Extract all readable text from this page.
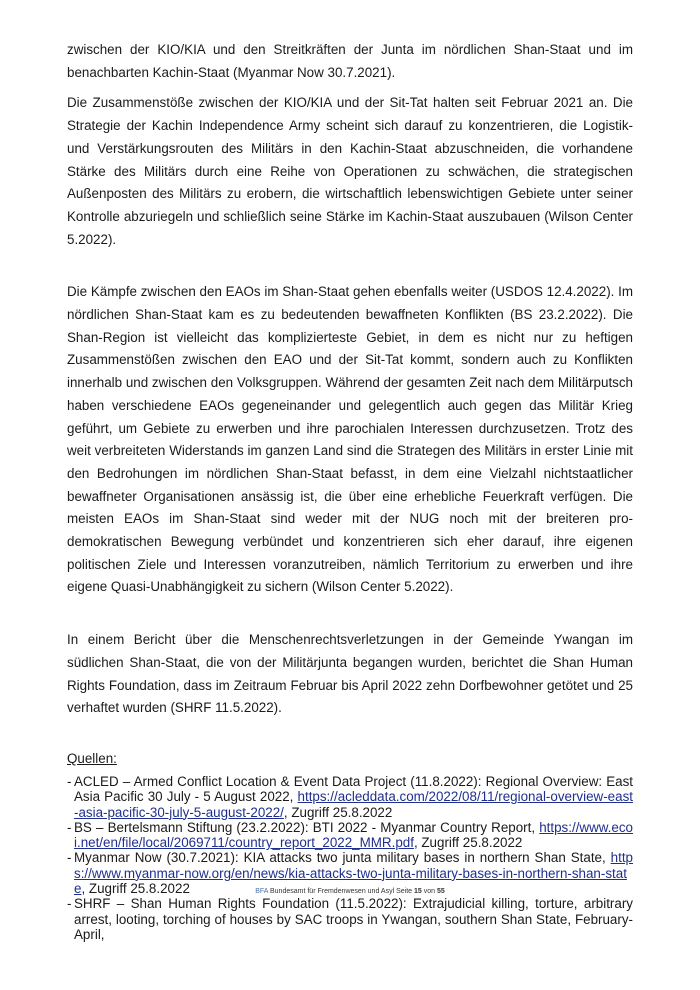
zwischen der KIO/KIA und den Streitkräften der Junta im nördlichen Shan-Staat und im benachbarten Kachin-Staat (Myanmar Now 30.7.2021).

Die Zusammenstöße zwischen der KIO/KIA und der Sit-Tat halten seit Februar 2021 an. Die Strategie der Kachin Independence Army scheint sich darauf zu konzentrieren, die Logistik- und Verstärkungsrouten des Militärs in den Kachin-Staat abzuschneiden, die vorhandene Stärke des Militärs durch eine Reihe von Operationen zu schwächen, die strategischen Außenposten des Militärs zu erobern, die wirtschaftlich lebenswichtigen Gebiete unter seiner Kontrolle abzuriegeln und schließlich seine Stärke im Kachin-Staat auszubauen (Wilson Center 5.2022).

Die Kämpfe zwischen den EAOs im Shan-Staat gehen ebenfalls weiter (USDOS 12.4.2022). Im nördlichen Shan-Staat kam es zu bedeutenden bewaffneten Konflikten (BS 23.2.2022). Die Shan-Region ist vielleicht das komplizierteste Gebiet, in dem es nicht nur zu heftigen Zusammenstößen zwischen den EAO und der Sit-Tat kommt, sondern auch zu Konflikten innerhalb und zwischen den Volksgruppen. Während der gesamten Zeit nach dem Militärputsch haben verschiedene EAOs gegeneinander und gelegentlich auch gegen das Militär Krieg geführt, um Gebiete zu erwerben und ihre parochialen Interessen durchzusetzen. Trotz des weit verbreiteten Widerstands im ganzen Land sind die Strategen des Militärs in erster Linie mit den Bedrohungen im nördlichen Shan-Staat befasst, in dem eine Vielzahl nichtstaatlicher bewaffneter Organisationen ansässig ist, die über eine erhebliche Feuerkraft verfügen. Die meisten EAOs im Shan-Staat sind weder mit der NUG noch mit der breiteren pro-demokratischen Bewegung verbündet und konzentrieren sich eher darauf, ihre eigenen politischen Ziele und Interessen voranzutreiben, nämlich Territorium zu erwerben und ihre eigene Quasi-Unabhängigkeit zu sichern (Wilson Center 5.2022).

In einem Bericht über die Menschenrechtsverletzungen in der Gemeinde Ywangan im südlichen Shan-Staat, die von der Militärjunta begangen wurden, berichtet die Shan Human Rights Foundation, dass im Zeitraum Februar bis April 2022 zehn Dorfbewohner getötet und 25 verhaftet wurden (SHRF 11.5.2022).

Quellen:
- ACLED – Armed Conflict Location & Event Data Project (11.8.2022): Regional Overview: East Asia Pacific 30 July - 5 August 2022, https://acleddata.com/2022/08/11/regional-overview-east-asia-pacific-30-july-5-august-2022/, Zugriff 25.8.2022
- BS – Bertelsmann Stiftung (23.2.2022): BTI 2022 - Myanmar Country Report, https://www.ecoi.net/en/file/local/2069711/country_report_2022_MMR.pdf, Zugriff 25.8.2022
- Myanmar Now (30.7.2021): KIA attacks two junta military bases in northern Shan State, https://www.myanmar-now.org/en/news/kia-attacks-two-junta-military-bases-in-northern-shan-state, Zugriff 25.8.2022
- SHRF – Shan Human Rights Foundation (11.5.2022): Extrajudicial killing, torture, arbitrary arrest, looting, torching of houses by SAC troops in Ywangan, southern Shan State, February-April,
BFA Bundesamt für Fremdenwesen und Asyl Seite 15 von 55
